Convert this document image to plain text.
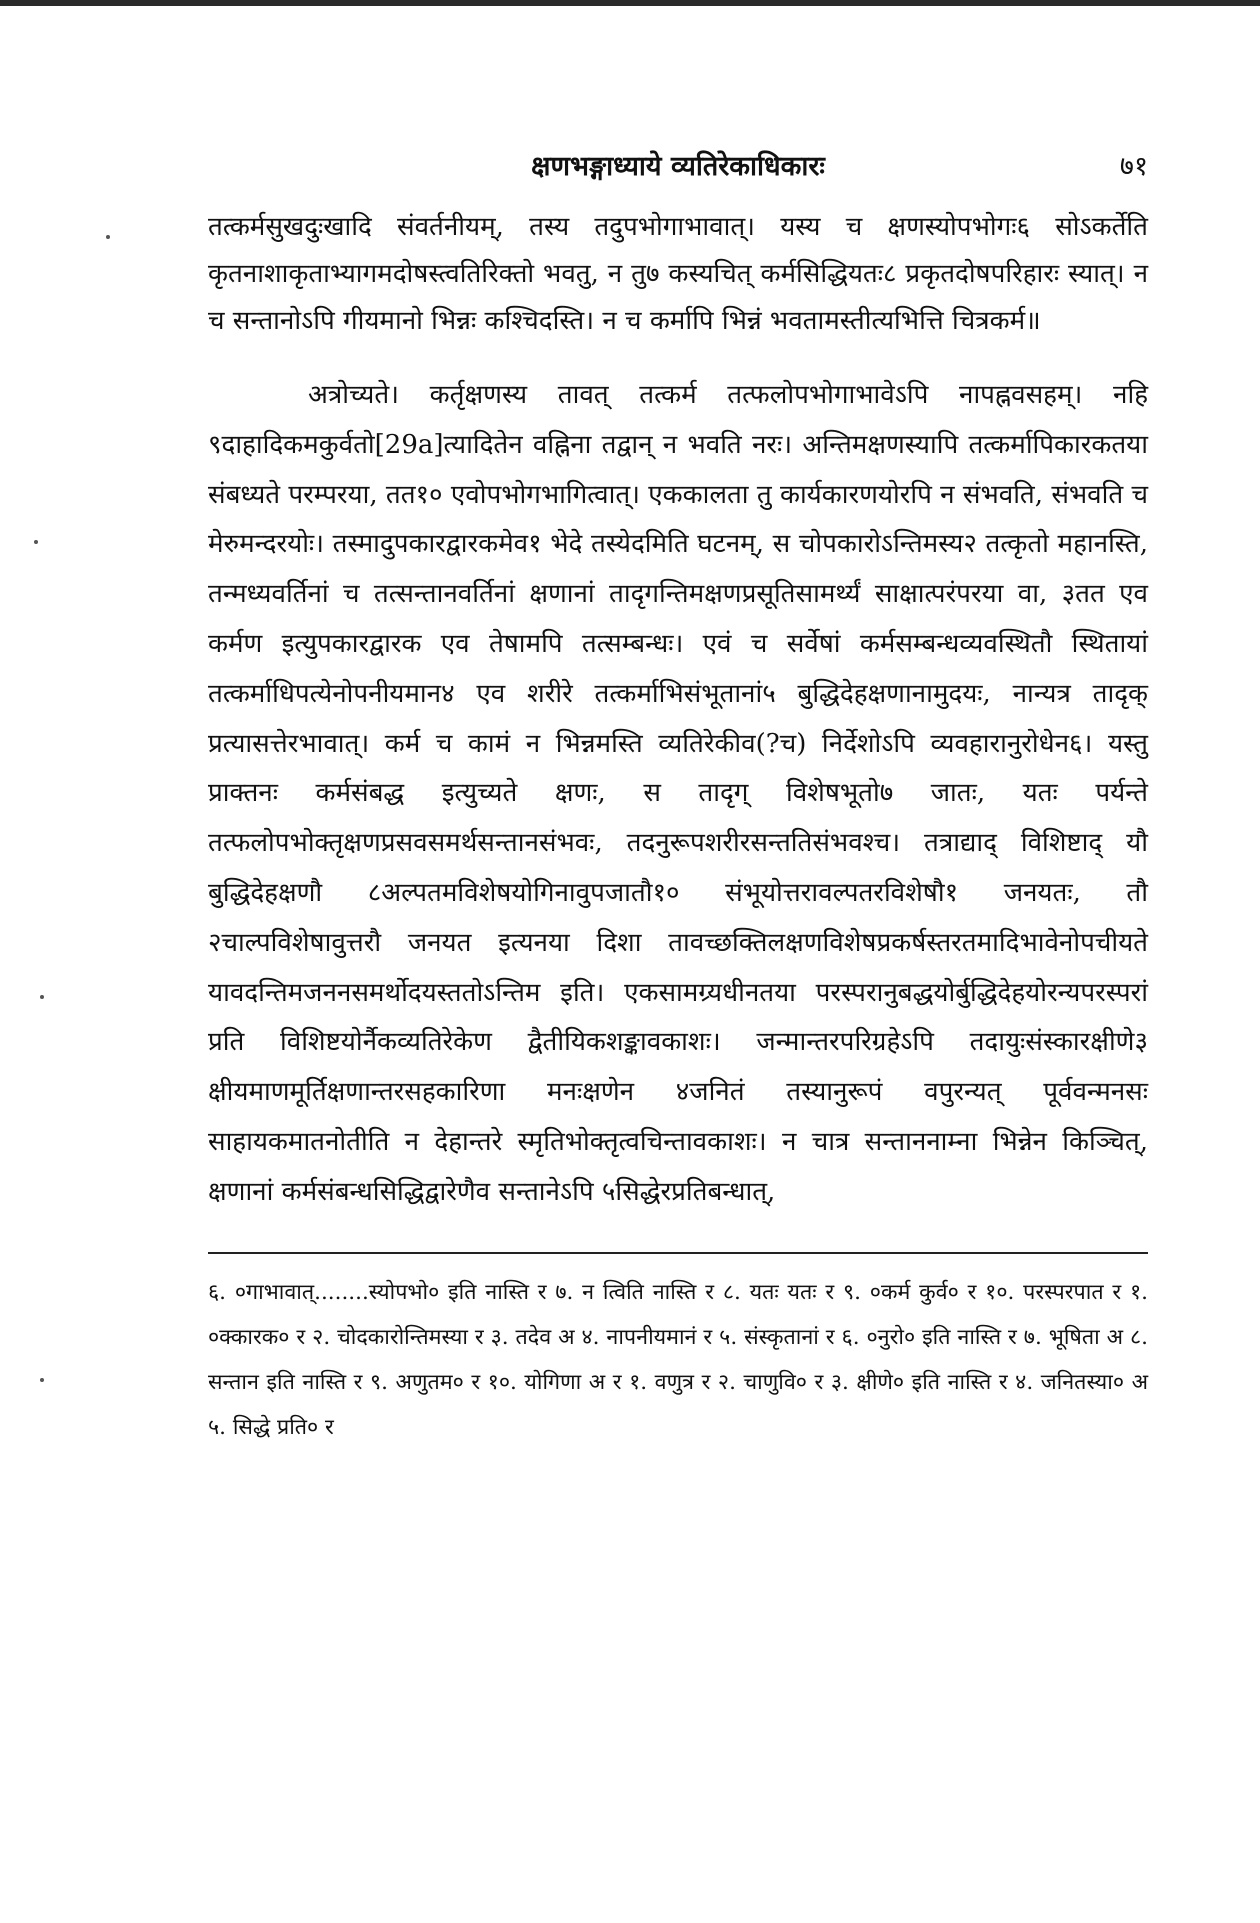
क्षणभङ्गाध्याये व्यतिरेकाधिकारः	७१
तत्कर्मसुखदुःखादि संवर्तनीयम्, तस्य तदुपभोगाभावात्। यस्य च क्षणस्योपभोगः६ सोऽकर्तेति कृतनाशाकृताभ्यागमदोषस्त्वतिरिक्तो भवतु, न तु७ कस्यचित् कर्मसिद्धियतः८ प्रकृतदोषपरिहारः स्यात्। न च सन्तानोऽपि गीयमानो भिन्नः कश्चिदस्ति। न च कर्मापि भिन्नं भवतामस्तीत्यभित्ति चित्रकर्म॥
अत्रोच्यते। कर्तृक्षणस्य तावत् तत्कर्म तत्फलोपभोगाभावेऽपि नापह्नवसहम्। नहि ९दाहादिकमकुर्वतो[29a]त्यादितेन वह्निना तद्वान् न भवति नरः। अन्तिमक्षणस्यापि तत्कर्मापिकारकतया संबध्यते परम्परया, तत१० एवोपभोगभागित्वात्। एककालता तु कार्यकारणयोरपि न संभवति, संभवति च मेरुमन्दरयोः। तस्मादुपकारद्वारकमेव१ भेदे तस्येदमिति घटनम्, स चोपकारोऽन्तिमस्य२ तत्कृतो महानस्ति, तन्मध्यवर्तिनां च तत्सन्तानवर्तिनां क्षणानां तादृगन्तिमक्षणप्रसूतिसामर्थ्यं साक्षात्परंपरया वा, ३तत एव कर्मण इत्युपकारद्वारक एव तेषामपि तत्सम्बन्धः। एवं च सर्वेषां कर्मसम्बन्धव्यवस्थितौ स्थितायां तत्कर्माधिपत्येनोपनीयमान४ एव शरीरे तत्कर्माभिसंभूतानां५ बुद्धिदेहक्षणानामुदयः, नान्यत्र तादृक् प्रत्यासत्तेरभावात्। कर्म च कामं न भिन्नमस्ति व्यतिरेकीव(?च) निर्देशोऽपि व्यवहारानुरोधेन६। यस्तु प्राक्तनः कर्मसंबद्ध इत्युच्यते क्षणः, स तादृग् विशेषभूतो७ जातः, यतः पर्यन्ते तत्फलोपभोक्तृक्षणप्रसवसमर्थसन्तानसंभवः, तदनुरूपशरीरसन्ततिसंभवश्च। तत्राद्याद् विशिष्टाद् यौ बुद्धिदेहक्षणौ ८अल्पतमविशेषयोगिनावुपजातौ१० संभूयोत्तरावल्पतरविशेषौ१ जनयतः, तौ २चाल्पविशेषावुत्तरौ जनयत इत्यनया दिशा तावच्छक्तिलक्षणविशेषप्रकर्षस्तरतमादिभावेनोपचीयते यावदन्तिमजननसमर्थोदयस्ततोऽन्तिम इति। एकसामग्र्यधीनतया परस्परानुबद्धयोर्बुद्धिदेहयोरन्यपरस्परां प्रति विशिष्टयोर्नैकव्यतिरेकेण द्वैतीयिकशङ्कावकाशः। जन्मान्तरपरिग्रहेऽपि तदायुःसंस्कारक्षीणे३ क्षीयमाणमूर्तिक्षणान्तरसहकारिणा मनःक्षणेन ४जनितं तस्यानुरूपं वपुरन्यत् पूर्ववन्मनसः साहायकमातनोतीति न देहान्तरे स्मृतिभोक्तृत्वचिन्तावकाशः। न चात्र सन्ताननाम्ना भिन्नेन किञ्चित्, क्षणानां कर्मसंबन्धसिद्धिद्वारेणैव सन्तानेऽपि ५सिद्धेरप्रतिबन्धात्,
६. ०गाभावात्........स्योपभो० इति नास्ति र ७. न त्विति नास्ति र ८. यतः यतः र ९. ०कर्म कुर्व० र १०. परस्परपात र १. ०क्कारक० र २. चोदकारोन्तिमस्या र ३. तदेव अ ४. नापनीयमानं र ५. संस्कृतानां र ६. ०नुरो० इति नास्ति र ७. भूषिता अ ८. सन्तान इति नास्ति र ९. अणुतम० र १०. योगिणा अ र १. वणुत्र र २. चाणुवि० र ३. क्षीणे० इति नास्ति र ४. जनितस्या० अ ५. सिद्धे प्रति० र
